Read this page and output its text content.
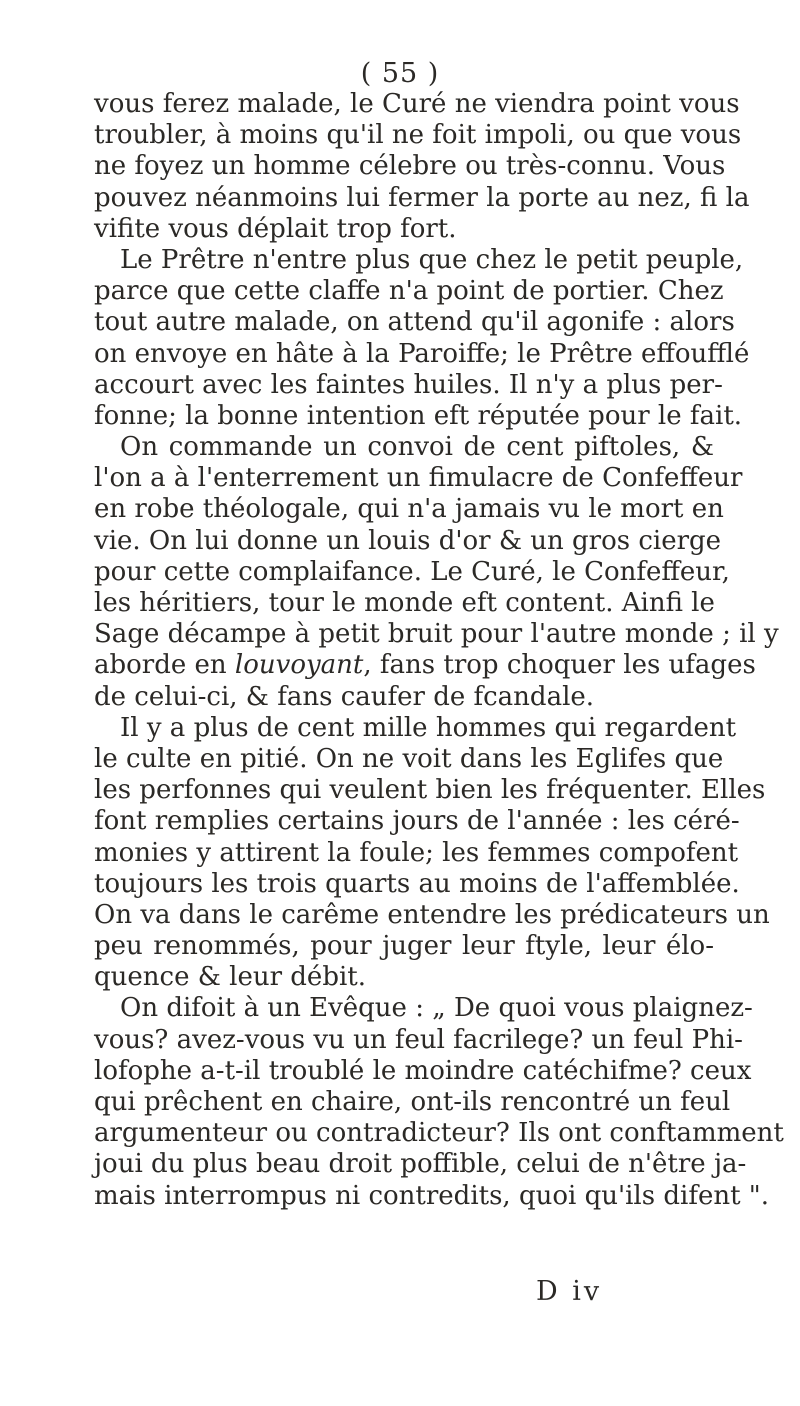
( 55 )
vous ferez malade, le Curé ne viendra point vous
troubler, à moins qu'il ne foit impoli, ou que vous
ne foyez un homme célebre ou très-connu. Vous
pouvez néanmoins lui fermer la porte au nez, fi la
vifite vous déplait trop fort.
Le Prêtre n'entre plus que chez le petit peuple,
parce que cette claffe n'a point de portier. Chez
tout autre malade, on attend qu'il agonife : alors
on envoye en hâte à la Paroiffe; le Prêtre effoufflé
accourt avec les faintes huiles. Il n'y a plus per-
fonne; la bonne intention eft réputée pour le fait.
On commande un convoi de cent piftoles, &
l'on a à l'enterrement un fimulacre de Confeffeur
en robe théologale, qui n'a jamais vu le mort en
vie. On lui donne un louis d'or & un gros cierge
pour cette complaifance. Le Curé, le Confeffeur,
les héritiers, tour le monde eft content. Ainfi le
Sage décampe à petit bruit pour l'autre monde ; il y
aborde en louvoyant, fans trop choquer les ufages
de celui-ci, & fans caufer de fcandale.
Il y a plus de cent mille hommes qui regardent
le culte en pitié. On ne voit dans les Eglifes que
les perfonnes qui veulent bien les fréquenter. Elles
font remplies certains jours de l'année : les céré-
monies y attirent la foule; les femmes compofent
toujours les trois quarts au moins de l'affemblée.
On va dans le carême entendre les prédicateurs un
peu renommés, pour juger leur ftyle, leur élo-
quence & leur débit.
On difoit à un Evêque : „ De quoi vous plaignez-
vous? avez-vous vu un feul facrilege? un feul Phi-
lofophe a-t-il troublé le moindre catéchifme? ceux
qui prêchent en chaire, ont-ils rencontré un feul
argumenteur ou contradicteur? Ils ont conftamment
joui du plus beau droit poffible, celui de n'être ja-
mais interrompus ni contredits, quoi qu'ils difent ".
D iv
